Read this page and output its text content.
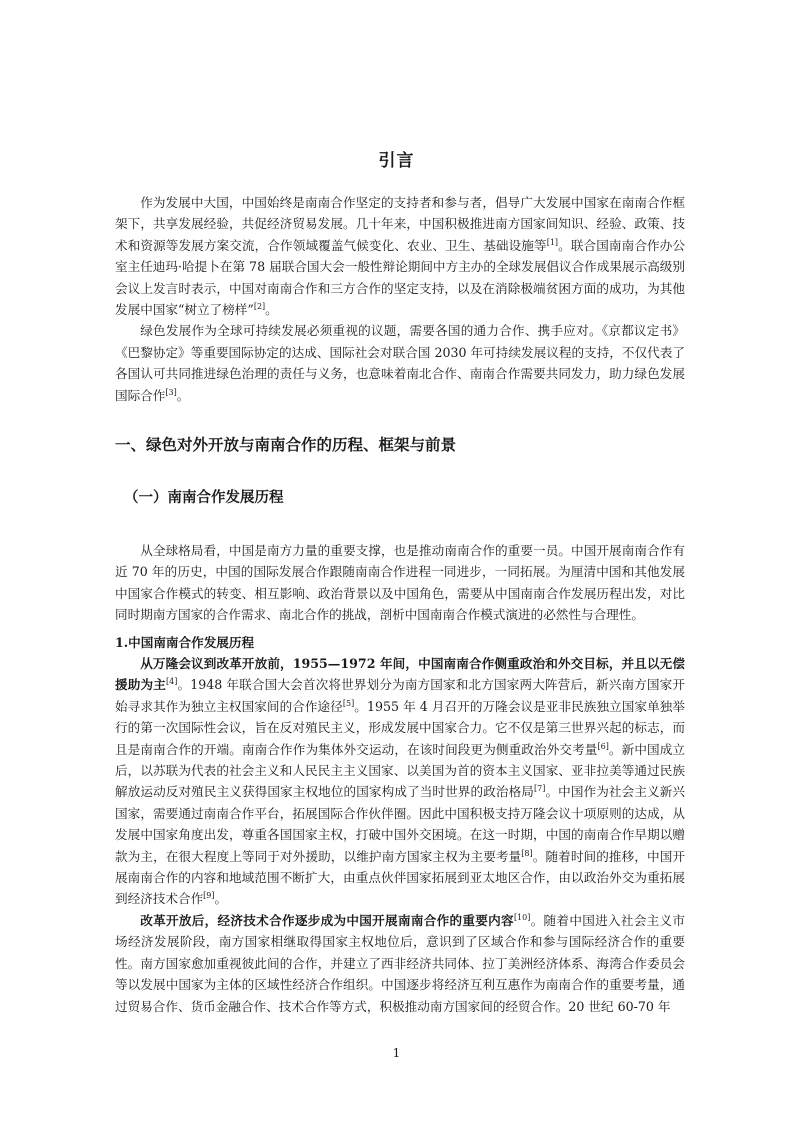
引言

作为发展中大国，中国始终是南南合作坚定的支持者和参与者，倡导广大发展中国家在南南合作框架下，共享发展经验，共促经济贸易发展。几十年来，中国积极推进南方国家间知识、经验、政策、技术和资源等发展方案交流，合作领域覆盖气候变化、农业、卫生、基础设施等[1]。联合国南南合作办公室主任迪玛·哈提卜在第 78 届联合国大会一般性辩论期间中方主办的全球发展倡议合作成果展示高级别会议上发言时表示，中国对南南合作和三方合作的坚定支持，以及在消除极端贫困方面的成功，为其他发展中国家“树立了榜样”[2]。

绿色发展作为全球可持续发展必须重视的议题，需要各国的通力合作、携手应对。《京都议定书》《巴黎协定》等重要国际协定的达成、国际社会对联合国 2030 年可持续发展议程的支持，不仅代表了各国认可共同推进绿色治理的责任与义务，也意味着南北合作、南南合作需要共同发力，助力绿色发展国际合作[3]。

一、绿色对外开放与南南合作的历程、框架与前景
（一）南南合作发展历程

从全球格局看，中国是南方力量的重要支撑，也是推动南南合作的重要一员。中国开展南南合作有近 70 年的历史，中国的国际发展合作跟随南南合作进程一同进步，一同拓展。为厘清中国和其他发展中国家合作模式的转变、相互影响、政治背景以及中国角色，需要从中国南南合作发展历程出发，对比同时期南方国家的合作需求、南北合作的挑战，剖析中国南南合作模式演进的必然性与合理性。

1.中国南南合作发展历程

从万隆会议到改革开放前，1955—1972 年间，中国南南合作侧重政治和外交目标，并且以无偿援助为主[4]。1948 年联合国大会首次将世界划分为南方国家和北方国家两大阵营后，新兴南方国家开始寻求其作为独立主权国家间的合作途径[5]。1955 年 4 月召开的万隆会议是亚非民族独立国家单独举行的第一次国际性会议，旨在反对殖民主义，形成发展中国家合力。它不仅是第三世界兴起的标志，而且是南南合作的开端。南南合作作为集体外交运动，在该时间段更为侧重政治外交考量[6]。新中国成立后，以苏联为代表的社会主义和人民民主主义国家、以美国为首的资本主义国家、亚非拉美等通过民族解放运动反对殖民主义获得国家主权地位的国家构成了当时世界的政治格局[7]。中国作为社会主义新兴国家，需要通过南南合作平台，拓展国际合作伙伴圈。因此中国积极支持万隆会议十项原则的达成，从发展中国家角度出发，尊重各国国家主权，打破中国外交困境。在这一时期，中国的南南合作早期以赠款为主，在很大程度上等同于对外援助，以维护南方国家主权为主要考量[8]。随着时间的推移，中国开展南南合作的内容和地域范围不断扩大，由重点伙伴国家拓展到亚太地区合作，由以政治外交为重拓展到经济技术合作[9]。

改革开放后，经济技术合作逐步成为中国开展南南合作的重要内容[10]。随着中国进入社会主义市场经济发展阶段，南方国家相继取得国家主权地位后，意识到了区域合作和参与国际经济合作的重要性。南方国家愈加重视彼此间的合作，并建立了西非经济共同体、拉丁美洲经济体系、海湾合作委员会等以发展中国家为主体的区域性经济合作组织。中国逐步将经济互利互惠作为南南合作的重要考量，通过贸易合作、货币金融合作、技术合作等方式，积极推动南方国家间的经贸合作。20 世纪 60-70 年

1
